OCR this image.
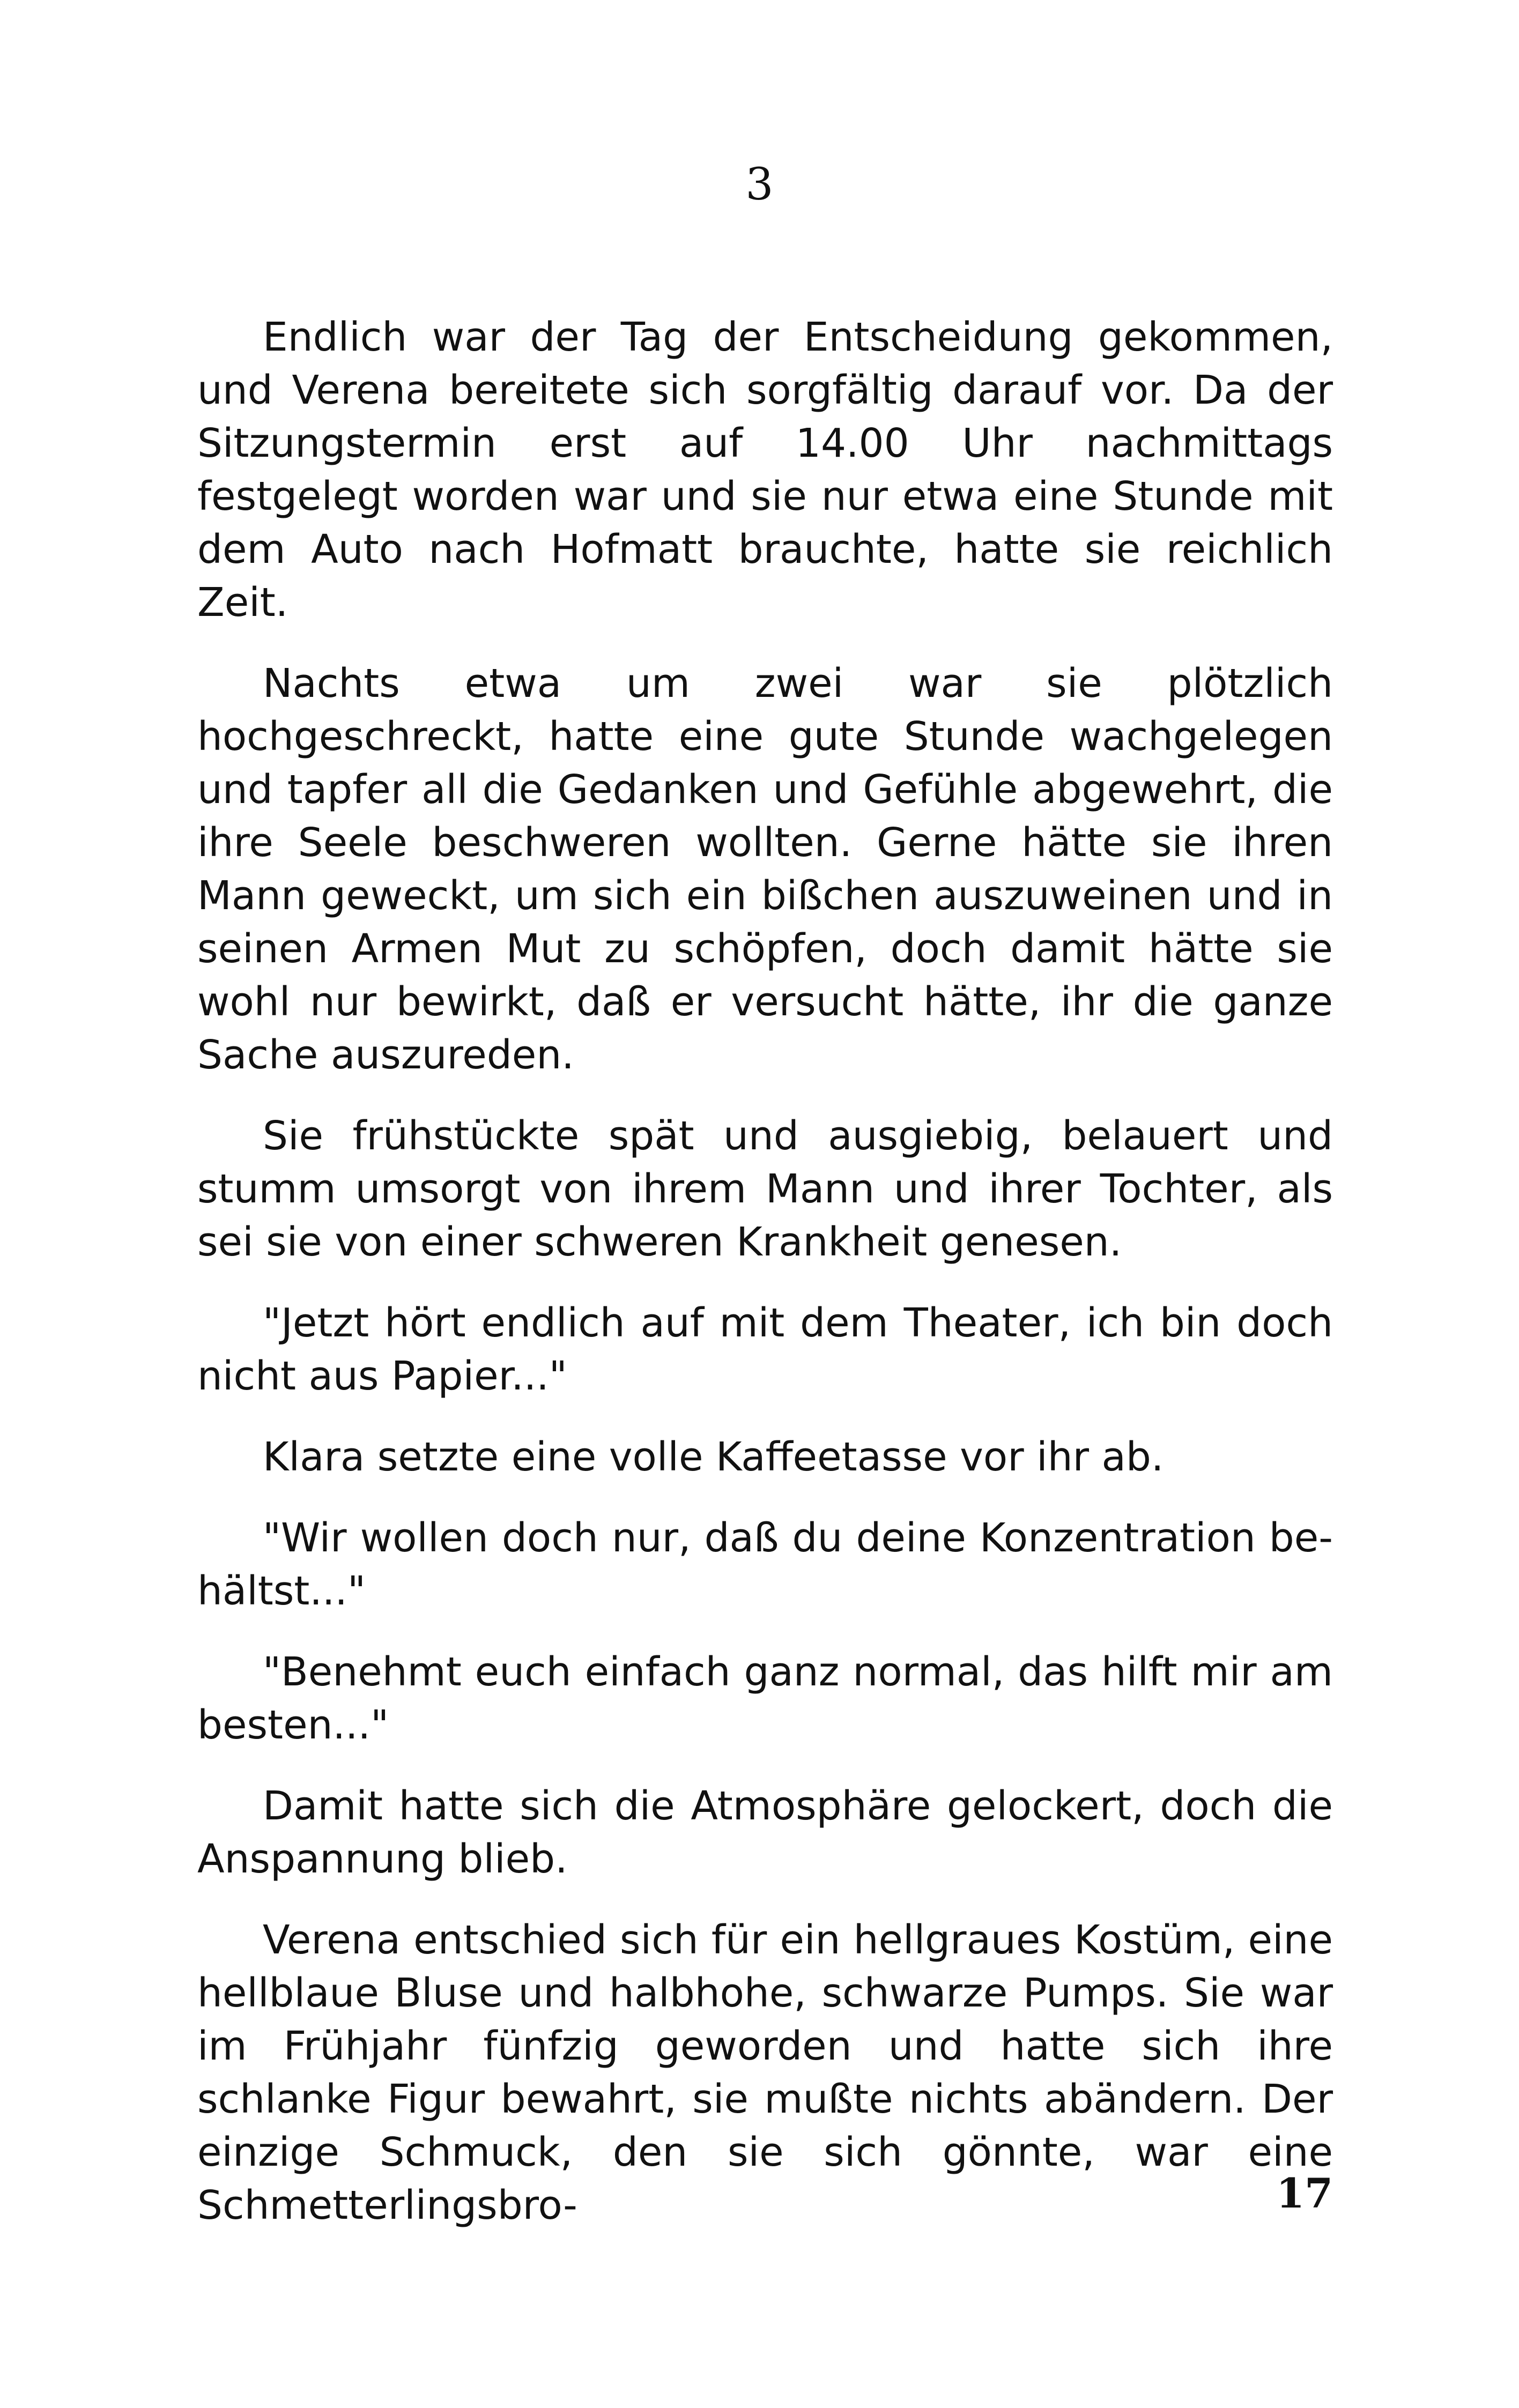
3

Endlich war der Tag der Entscheidung gekommen, und Verena bereitete sich sorgfältig darauf vor. Da der Sitzungstermin erst auf 14.00 Uhr nachmittags festgelegt worden war und sie nur etwa eine Stunde mit dem Auto nach Hofmatt brauchte, hatte sie reichlich Zeit.

Nachts etwa um zwei war sie plötzlich hochgeschreckt, hatte eine gute Stunde wachgelegen und tapfer all die Gedanken und Gefühle abgewehrt, die ihre Seele beschweren wollten. Gerne hätte sie ihren Mann geweckt, um sich ein bißchen auszuweinen und in seinen Armen Mut zu schöpfen, doch damit hätte sie wohl nur bewirkt, daß er versucht hätte, ihr die ganze Sache auszureden.

Sie frühstückte spät und ausgiebig, belauert und stumm umsorgt von ihrem Mann und ihrer Tochter, als sei sie von einer schweren Krankheit genesen.

"Jetzt hört endlich auf mit dem Theater, ich bin doch nicht aus Papier..."

Klara setzte eine volle Kaffeetasse vor ihr ab.

"Wir wollen doch nur, daß du deine Konzentration behältst..."

"Benehmt euch einfach ganz normal, das hilft mir am besten..."

Damit hatte sich die Atmosphäre gelockert, doch die Anspannung blieb.

Verena entschied sich für ein hellgraues Kostüm, eine hellblaue Bluse und halbhohe, schwarze Pumps. Sie war im Frühjahr fünfzig geworden und hatte sich ihre schlanke Figur bewahrt, sie mußte nichts abändern. Der einzige Schmuck, den sie sich gönnte, war eine Schmetterlingsbro-	17
